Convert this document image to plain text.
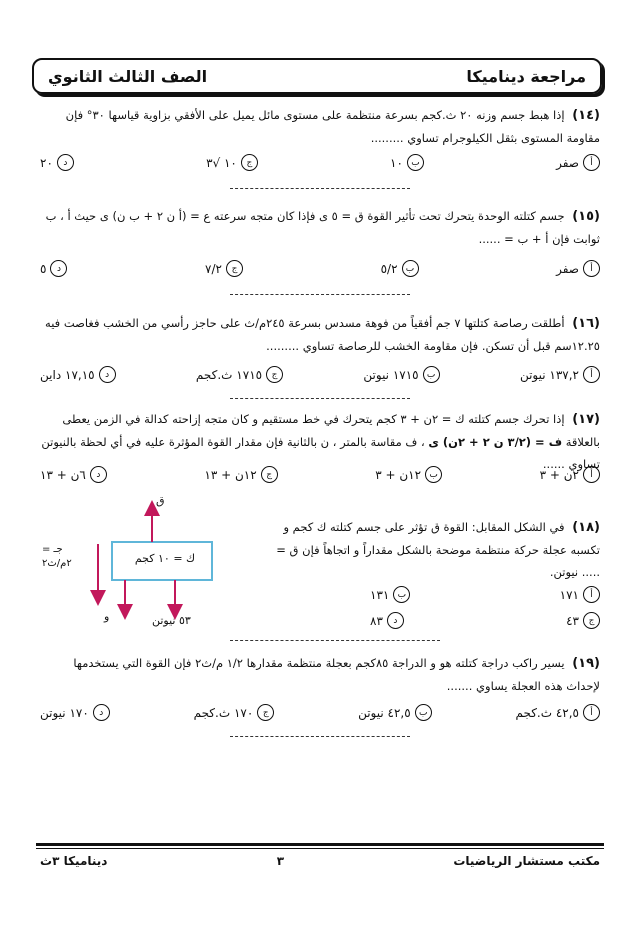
مراجعة ديناميكا
الصف الثالث الثانوي
(١٤) إذا هبط جسم وزنه ٢٠ ث.كجم بسرعة منتظمة على مستوى مائل يميل على الأفقي بزاوية قياسها ٣٠° فإن مقاومة المستوى بثقل الكيلوجرام تساوي .........
أ
صفر
ب
١٠
ج
١٠ √٣
د
٢٠
(١٥) جسم كتلته الوحدة يتحرك تحت تأثير القوة ق = ٥ ى فإذا كان متجه سرعته ع = (أ ن ٢ + ب ن) ى حيث أ ، ب ثوابت فإن أ + ب = ......
أ
صفر
ب
٥/٢
ج
٧/٢
د
٥
(١٦) أطلقت رصاصة كتلتها ٧ جم أفقياً من فوهة مسدس بسرعة ٢٤٥م/ث على حاجز رأسي من الخشب فغاصت فيه ١٢.٢٥سم قبل أن تسكن. فإن مقاومة الخشب للرصاصة تساوي .........
أ
١٣٧,٢ نيوتن
ب
١٧١٥ نيوتن
ج
١٧١٥ ث.كجم
د
١٧,١٥ داين
(١٧) إذا تحرك جسم كتلته ك = ٢ن + ٣ كجم يتحرك في خط مستقيم و كان متجه إزاحته كدالة في الزمن يعطى بالعلاقة ف = (٣/٢ ن ٢ + ٢ن) ى ، ف مقاسة بالمتر ، ن بالثانية فإن مقدار القوة المؤثرة عليه في أي لحظة بالنيوتن تساوي ......
أ
٢ن + ٣
ب
١٢ن + ٣
ج
١٢ن + ١٣
د
٦ن + ١٣
(١٨) في الشكل المقابل: القوة ق تؤثر على جسم كتلته ك كجم و تكسبه عجلة حركة منتظمة موضحة بالشكل مقداراً و اتجاهاً فإن ق = ..... نيوتن.
أ
١٧١
ب
١٣١
ج
٤٣
د
٨٣
ك = ١٠ كجم
ق
جـ =
٢م/ث٢
و	٥٣ نيوتن
(١٩) يسير راكب دراجة كتلته هو و الدراجة ٨٥كجم بعجلة منتظمة مقدارها ١/٢ م/ث٢ فإن القوة التي يستخدمها لإحداث هذه العجلة يساوي .......
أ
٤٢,٥ ث.كجم
ب
٤٢,٥ نيوتن
ج
١٧٠ ث.كجم
د
١٧٠ نيوتن
مكتب مستشار الرياضيات
٣
ديناميكا ٣ث
